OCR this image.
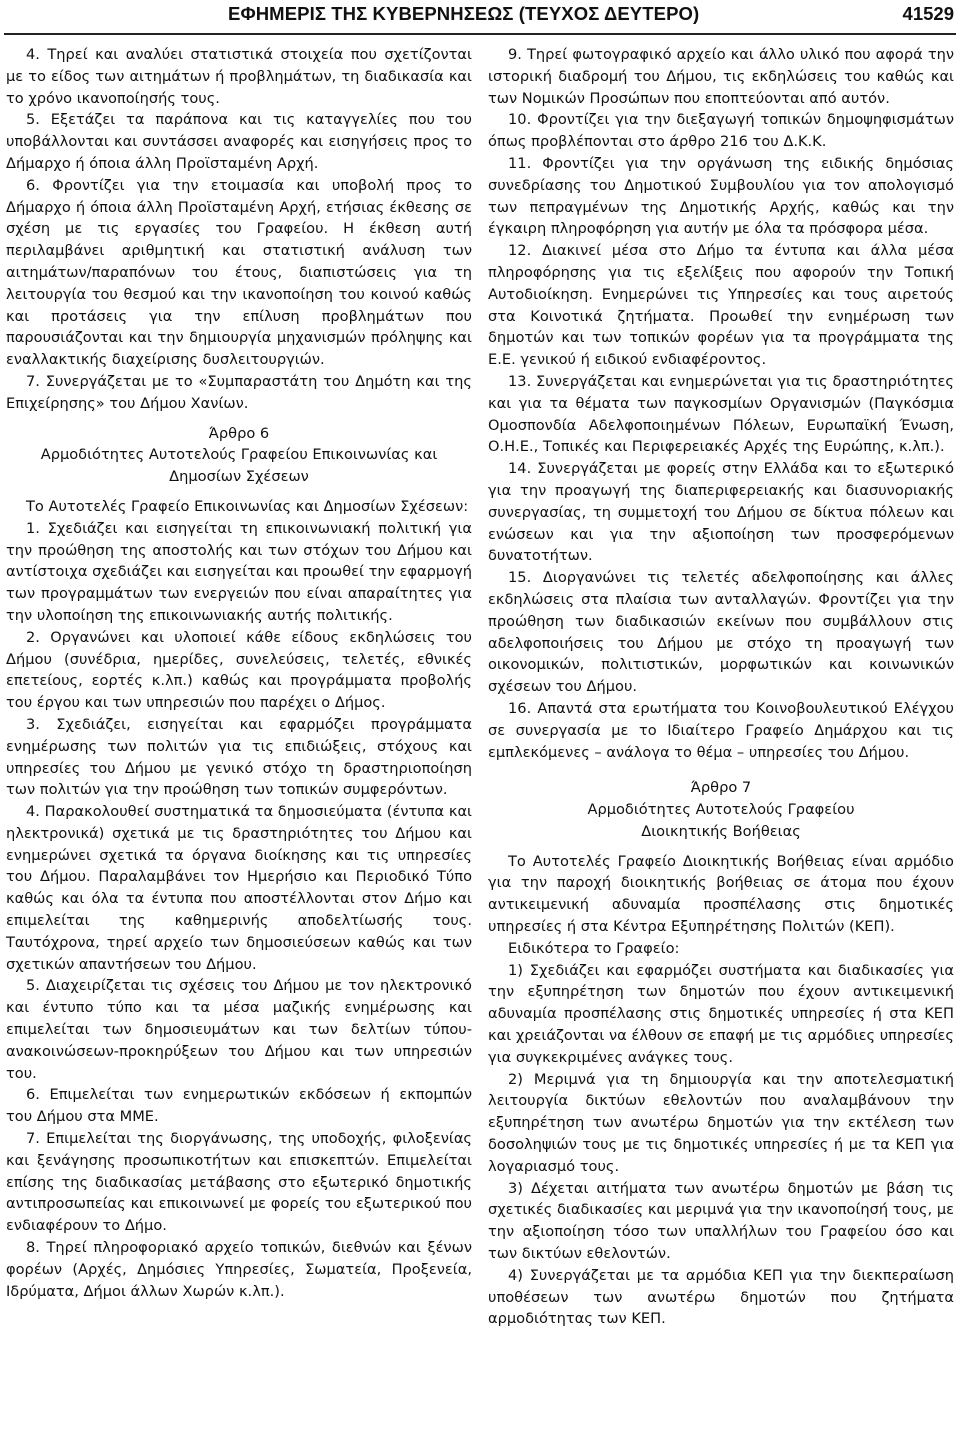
ΕΦΗΜΕΡΙΣ ΤΗΣ ΚΥΒΕΡΝΗΣΕΩΣ (ΤΕΥΧΟΣ ΔΕΥΤΕΡΟ)	41529

4. Τηρεί και αναλύει στατιστικά στοιχεία που σχετίζονται με το είδος των αιτημάτων ή προβλημάτων, τη διαδικασία και το χρόνο ικανοποίησής τους.

5. Εξετάζει τα παράπονα και τις καταγγελίες που του υποβάλλονται και συντάσσει αναφορές και εισηγήσεις προς το Δήμαρχο ή όποια άλλη Προϊσταμένη Αρχή.

6. Φροντίζει για την ετοιμασία και υποβολή προς το Δήμαρχο ή όποια άλλη Προϊσταμένη Αρχή, ετήσιας έκθεσης σε σχέση με τις εργασίες του Γραφείου. Η έκθεση αυτή περιλαμβάνει αριθμητική και στατιστική ανάλυση των αιτημάτων/παραπόνων του έτους, διαπιστώσεις για τη λειτουργία του θεσμού και την ικανοποίηση του κοινού καθώς και προτάσεις για την επίλυση προβλημάτων που παρουσιάζονται και την δημιουργία μηχανισμών πρόληψης και εναλλακτικής διαχείρισης δυσλειτουργιών.

7. Συνεργάζεται με το «Συμπαραστάτη του Δημότη και της Επιχείρησης» του Δήμου Χανίων.

Άρθρο 6

Αρμοδιότητες Αυτοτελούς Γραφείου Επικοινωνίας και Δημοσίων Σχέσεων

Το Αυτοτελές Γραφείο Επικοινωνίας και Δημοσίων Σχέσεων:

1. Σχεδιάζει και εισηγείται τη επικοινωνιακή πολιτική για την προώθηση της αποστολής και των στόχων του Δήμου και αντίστοιχα σχεδιάζει και εισηγείται και προωθεί την εφαρμογή των προγραμμάτων των ενεργειών που είναι απαραίτητες για την υλοποίηση της επικοινωνιακής αυτής πολιτικής.

2. Οργανώνει και υλοποιεί κάθε είδους εκδηλώσεις του Δήμου (συνέδρια, ημερίδες, συνελεύσεις, τελετές, εθνικές επετείους, εορτές κ.λπ.) καθώς και προγράμματα προβολής του έργου και των υπηρεσιών που παρέχει ο Δήμος.

3. Σχεδιάζει, εισηγείται και εφαρμόζει προγράμματα ενημέρωσης των πολιτών για τις επιδιώξεις, στόχους και υπηρεσίες του Δήμου με γενικό στόχο τη δραστηριοποίηση των πολιτών για την προώθηση των τοπικών συμφερόντων.

4. Παρακολουθεί συστηματικά τα δημοσιεύματα (έντυπα και ηλεκτρονικά) σχετικά με τις δραστηριότητες του Δήμου και ενημερώνει σχετικά τα όργανα διοίκησης και τις υπηρεσίες του Δήμου. Παραλαμβάνει τον Ημερήσιο και Περιοδικό Τύπο καθώς και όλα τα έντυπα που αποστέλλονται στον Δήμο και επιμελείται της καθημερινής αποδελτίωσής τους. Ταυτόχρονα, τηρεί αρχείο των δημοσιεύσεων καθώς και των σχετικών απαντήσεων του Δήμου.

5. Διαχειρίζεται τις σχέσεις του Δήμου με τον ηλεκτρονικό και έντυπο τύπο και τα μέσα μαζικής ενημέρωσης και επιμελείται των δημοσιευμάτων και των δελτίων τύπου-ανακοινώσεων-προκηρύξεων του Δήμου και των υπηρεσιών του.

6. Επιμελείται των ενημερωτικών εκδόσεων ή εκπομπών του Δήμου στα ΜΜΕ.

7. Επιμελείται της διοργάνωσης, της υποδοχής, φιλοξενίας και ξενάγησης προσωπικοτήτων και επισκεπτών. Επιμελείται επίσης της διαδικασίας μετάβασης στο εξωτερικό δημοτικής αντιπροσωπείας και επικοινωνεί με φορείς του εξωτερικού που ενδιαφέρουν το Δήμο.

8. Τηρεί πληροφοριακό αρχείο τοπικών, διεθνών και ξένων φορέων (Αρχές, Δημόσιες Υπηρεσίες, Σωματεία, Προξενεία, Ιδρύματα, Δήμοι άλλων Χωρών κ.λπ.).

9. Τηρεί φωτογραφικό αρχείο και άλλο υλικό που αφορά την ιστορική διαδρομή του Δήμου, τις εκδηλώσεις του καθώς και των Νομικών Προσώπων που εποπτεύονται από αυτόν.

10. Φροντίζει για την διεξαγωγή τοπικών δημοψηφισμάτων όπως προβλέπονται στο άρθρο 216 του Δ.Κ.Κ.

11. Φροντίζει για την οργάνωση της ειδικής δημόσιας συνεδρίασης του Δημοτικού Συμβουλίου για τον απολογισμό των πεπραγμένων της Δημοτικής Αρχής, καθώς και την έγκαιρη πληροφόρηση για αυτήν με όλα τα πρόσφορα μέσα.

12. Διακινεί μέσα στο Δήμο τα έντυπα και άλλα μέσα πληροφόρησης για τις εξελίξεις που αφορούν την Τοπική Αυτοδιοίκηση. Ενημερώνει τις Υπηρεσίες και τους αιρετούς στα Κοινοτικά ζητήματα. Προωθεί την ενημέρωση των δημοτών και των τοπικών φορέων για τα προγράμματα της Ε.Ε. γενικού ή ειδικού ενδιαφέροντος.

13. Συνεργάζεται και ενημερώνεται για τις δραστηριότητες και για τα θέματα των παγκοσμίων Οργανισμών (Παγκόσμια Ομοσπονδία Αδελφοποιημένων Πόλεων, Ευρωπαϊκή Ένωση, Ο.Η.Ε., Τοπικές και Περιφερειακές Αρχές της Ευρώπης, κ.λπ.).

14. Συνεργάζεται με φορείς στην Ελλάδα και το εξωτερικό για την προαγωγή της διαπεριφερειακής και διασυνοριακής συνεργασίας, τη συμμετοχή του Δήμου σε δίκτυα πόλεων και ενώσεων και για την αξιοποίηση των προσφερόμενων δυνατοτήτων.

15. Διοργανώνει τις τελετές αδελφοποίησης και άλλες εκδηλώσεις στα πλαίσια των ανταλλαγών. Φροντίζει για την προώθηση των διαδικασιών εκείνων που συμβάλλουν στις αδελφοποιήσεις του Δήμου με στόχο τη προαγωγή των οικονομικών, πολιτιστικών, μορφωτικών και κοινωνικών σχέσεων του Δήμου.

16. Απαντά στα ερωτήματα του Κοινοβουλευτικού Ελέγχου σε συνεργασία με το Ιδιαίτερο Γραφείο Δημάρχου και τις εμπλεκόμενες – ανάλογα το θέμα – υπηρεσίες του Δήμου.

Άρθρο 7

Αρμοδιότητες Αυτοτελούς Γραφείου

Διοικητικής Βοήθειας

Το Αυτοτελές Γραφείο Διοικητικής Βοήθειας είναι αρμόδιο για την παροχή διοικητικής βοήθειας σε άτομα που έχουν αντικειμενική αδυναμία προσπέλασης στις δημοτικές υπηρεσίες ή στα Κέντρα Εξυπηρέτησης Πολιτών (ΚΕΠ).

Ειδικότερα το Γραφείο:

1) Σχεδιάζει και εφαρμόζει συστήματα και διαδικασίες για την εξυπηρέτηση των δημοτών που έχουν αντικειμενική αδυναμία προσπέλασης στις δημοτικές υπηρεσίες ή στα ΚΕΠ και χρειάζονται να έλθουν σε επαφή με τις αρμόδιες υπηρεσίες για συγκεκριμένες ανάγκες τους.

2) Μεριμνά για τη δημιουργία και την αποτελεσματική λειτουργία δικτύων εθελοντών που αναλαμβάνουν την εξυπηρέτηση των ανωτέρω δημοτών για την εκτέλεση των δοσοληψιών τους με τις δημοτικές υπηρεσίες ή με τα ΚΕΠ για λογαριασμό τους.

3) Δέχεται αιτήματα των ανωτέρω δημοτών με βάση τις σχετικές διαδικασίες και μεριμνά για την ικανοποίησή τους, με την αξιοποίηση τόσο των υπαλλήλων του Γραφείου όσο και των δικτύων εθελοντών.

4) Συνεργάζεται με τα αρμόδια ΚΕΠ για την διεκπεραίωση υποθέσεων των ανωτέρω δημοτών που ζητήματα αρμοδιότητας των ΚΕΠ.
